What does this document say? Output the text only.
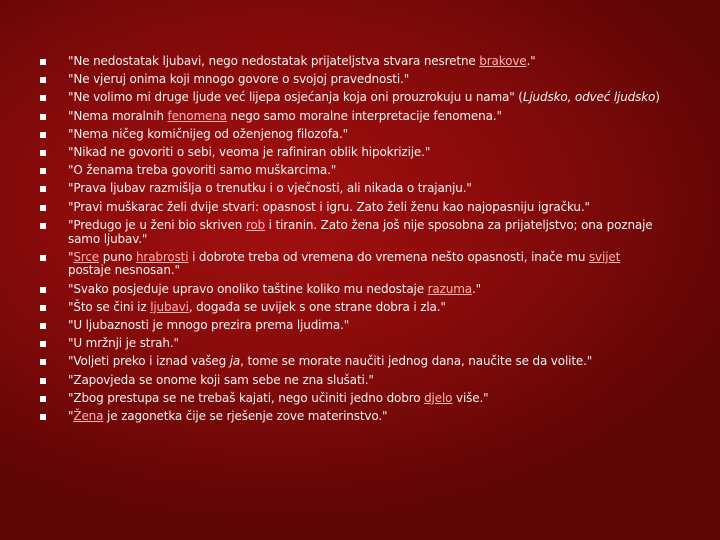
"Ne nedostatak ljubavi, nego nedostatak prijateljstva stvara nesretne brakove."
"Ne vjeruj onima koji mnogo govore o svojoj pravednosti."
"Ne volimo mi druge ljude već lijepa osjećanja koja oni prouzrokuju u nama" (Ljudsko, odveć ljudsko)
"Nema moralnih fenomena nego samo moralne interpretacije fenomena."
"Nema ničeg komičnijeg od oženjenog filozofa."
"Nikad ne govoriti o sebi, veoma je rafiniran oblik hipokrizije."
"O ženama treba govoriti samo muškarcima."
"Prava ljubav razmišlja o trenutku i o vječnosti, ali nikada o trajanju."
"Pravi muškarac želi dvije stvari: opasnost i igru. Zato želi ženu kao najopasniju igračku."
"Predugo je u ženi bio skriven rob i tiranin. Zato žena još nije sposobna za prijateljstvo; ona poznaje samo ljubav."
"Srce puno hrabrosti i dobrote treba od vremena do vremena nešto opasnosti, inače mu svijet postaje nesnosan."
"Svako posjeduje upravo onoliko taštine koliko mu nedostaje razuma."
"Što se čini iz ljubavi, događa se uvijek s one strane dobra i zla."
"U ljubaznosti je mnogo prezira prema ljudima."
"U mržnji je strah."
"Voljeti preko i iznad vašeg ja, tome se morate naučiti jednog dana, naučite se da volite."
"Zapovjeda se onome koji sam sebe ne zna slušati."
"Zbog prestupa se ne trebaš kajati, nego učiniti jedno dobro djelo više."
"Žena je zagonetka čije se rješenje zove materinstvo."
